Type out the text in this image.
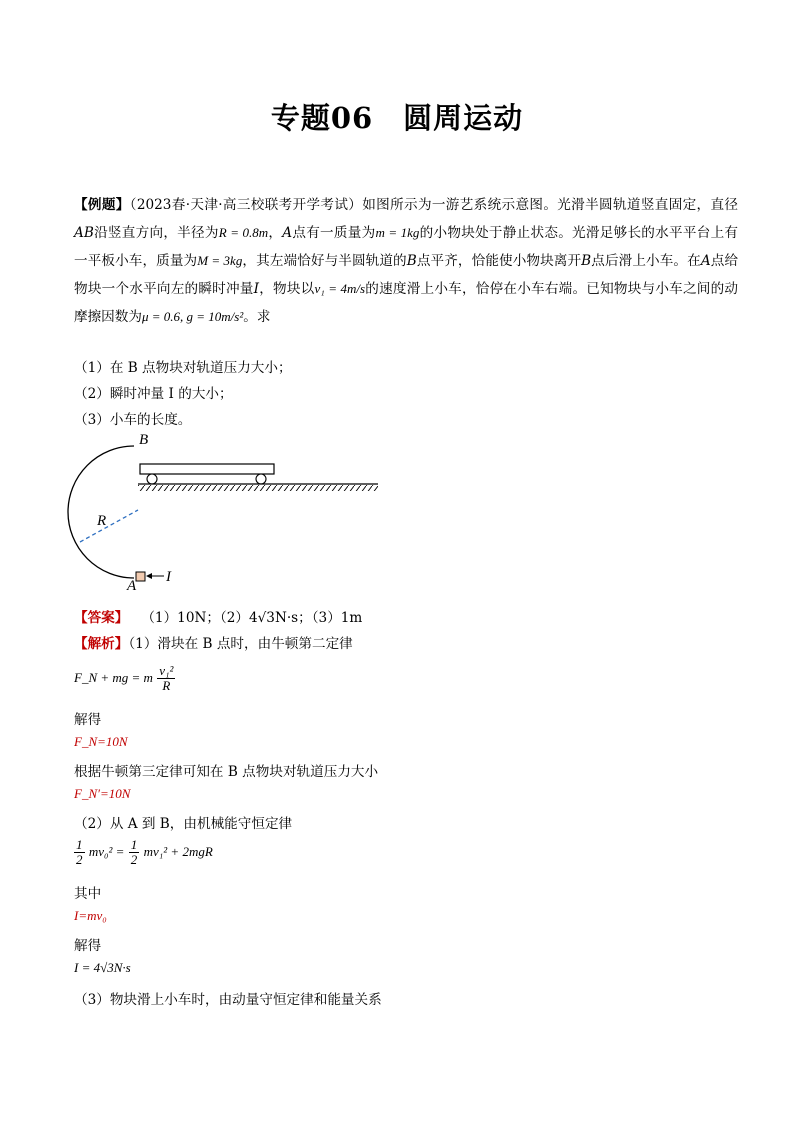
专题06 圆周运动
【例题】（2023春·天津·高三校联考开学考试）如图所示为一游艺系统示意图。光滑半圆轨道竖直固定，直径AB沿竖直方向，半径为R = 0.8m，A点有一质量为m = 1kg的小物块处于静止状态。光滑足够长的水平平台上有一平板小车，质量为M = 3kg，其左端恰好与半圆轨道的B点平齐，恰能使小物块离开B点后滑上小车。在A点给物块一个水平向左的瞬时冲量I，物块以v₁ = 4m/s的速度滑上小车，恰停在小车右端。已知物块与小车之间的动摩擦因数为μ = 0.6, g = 10m/s²。求
（1）在 B 点物块对轨道压力大小；
（2）瞬时冲量 I 的大小；
（3）小车的长度。
B
R
A
I
【答案】 （1）10N；（2）4√3N·s；（3）1m
【解析】（1）滑块在 B 点时，由牛顿第二定律
F_N + mg = m $\frac{\text{v₁²}}{R}$
解得
F_N=10N
根据牛顿第三定律可知在 B 点物块对轨道压力大小
F_N′=10N
（2）从 A 到 B，由机械能守恒定律
$\frac{1}{2} mv_0^2 = \frac{1}{2} mv_1^2 + 2mgR$
其中
I=mv₀
解得
I = 4√3N·s
（3）物块滑上小车时，由动量守恒定律和能量关系
